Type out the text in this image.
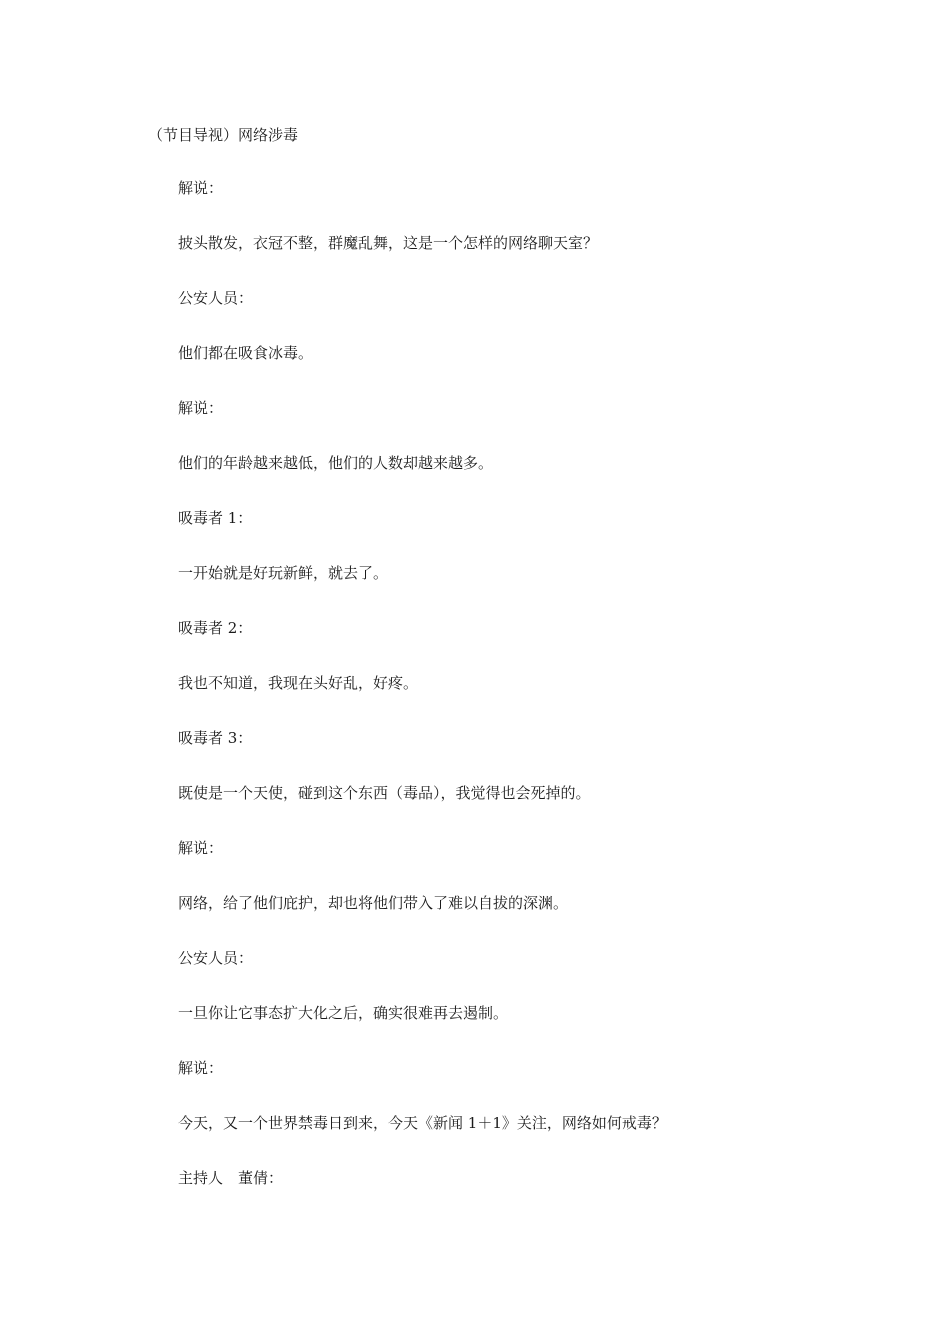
（节目导视）网络涉毒

解说：

披头散发，衣冠不整，群魔乱舞，这是一个怎样的网络聊天室？

公安人员：

他们都在吸食冰毒。

解说：

他们的年龄越来越低，他们的人数却越来越多。

吸毒者 1：

一开始就是好玩新鲜，就去了。

吸毒者 2：

我也不知道，我现在头好乱，好疼。

吸毒者 3：

既使是一个天使，碰到这个东西（毒品），我觉得也会死掉的。

解说：

网络，给了他们庇护，却也将他们带入了难以自拔的深渊。

公安人员：

一旦你让它事态扩大化之后，确实很难再去遏制。

解说：

今天，又一个世界禁毒日到来，今天《新闻 1＋1》关注，网络如何戒毒？

主持人　董倩：
